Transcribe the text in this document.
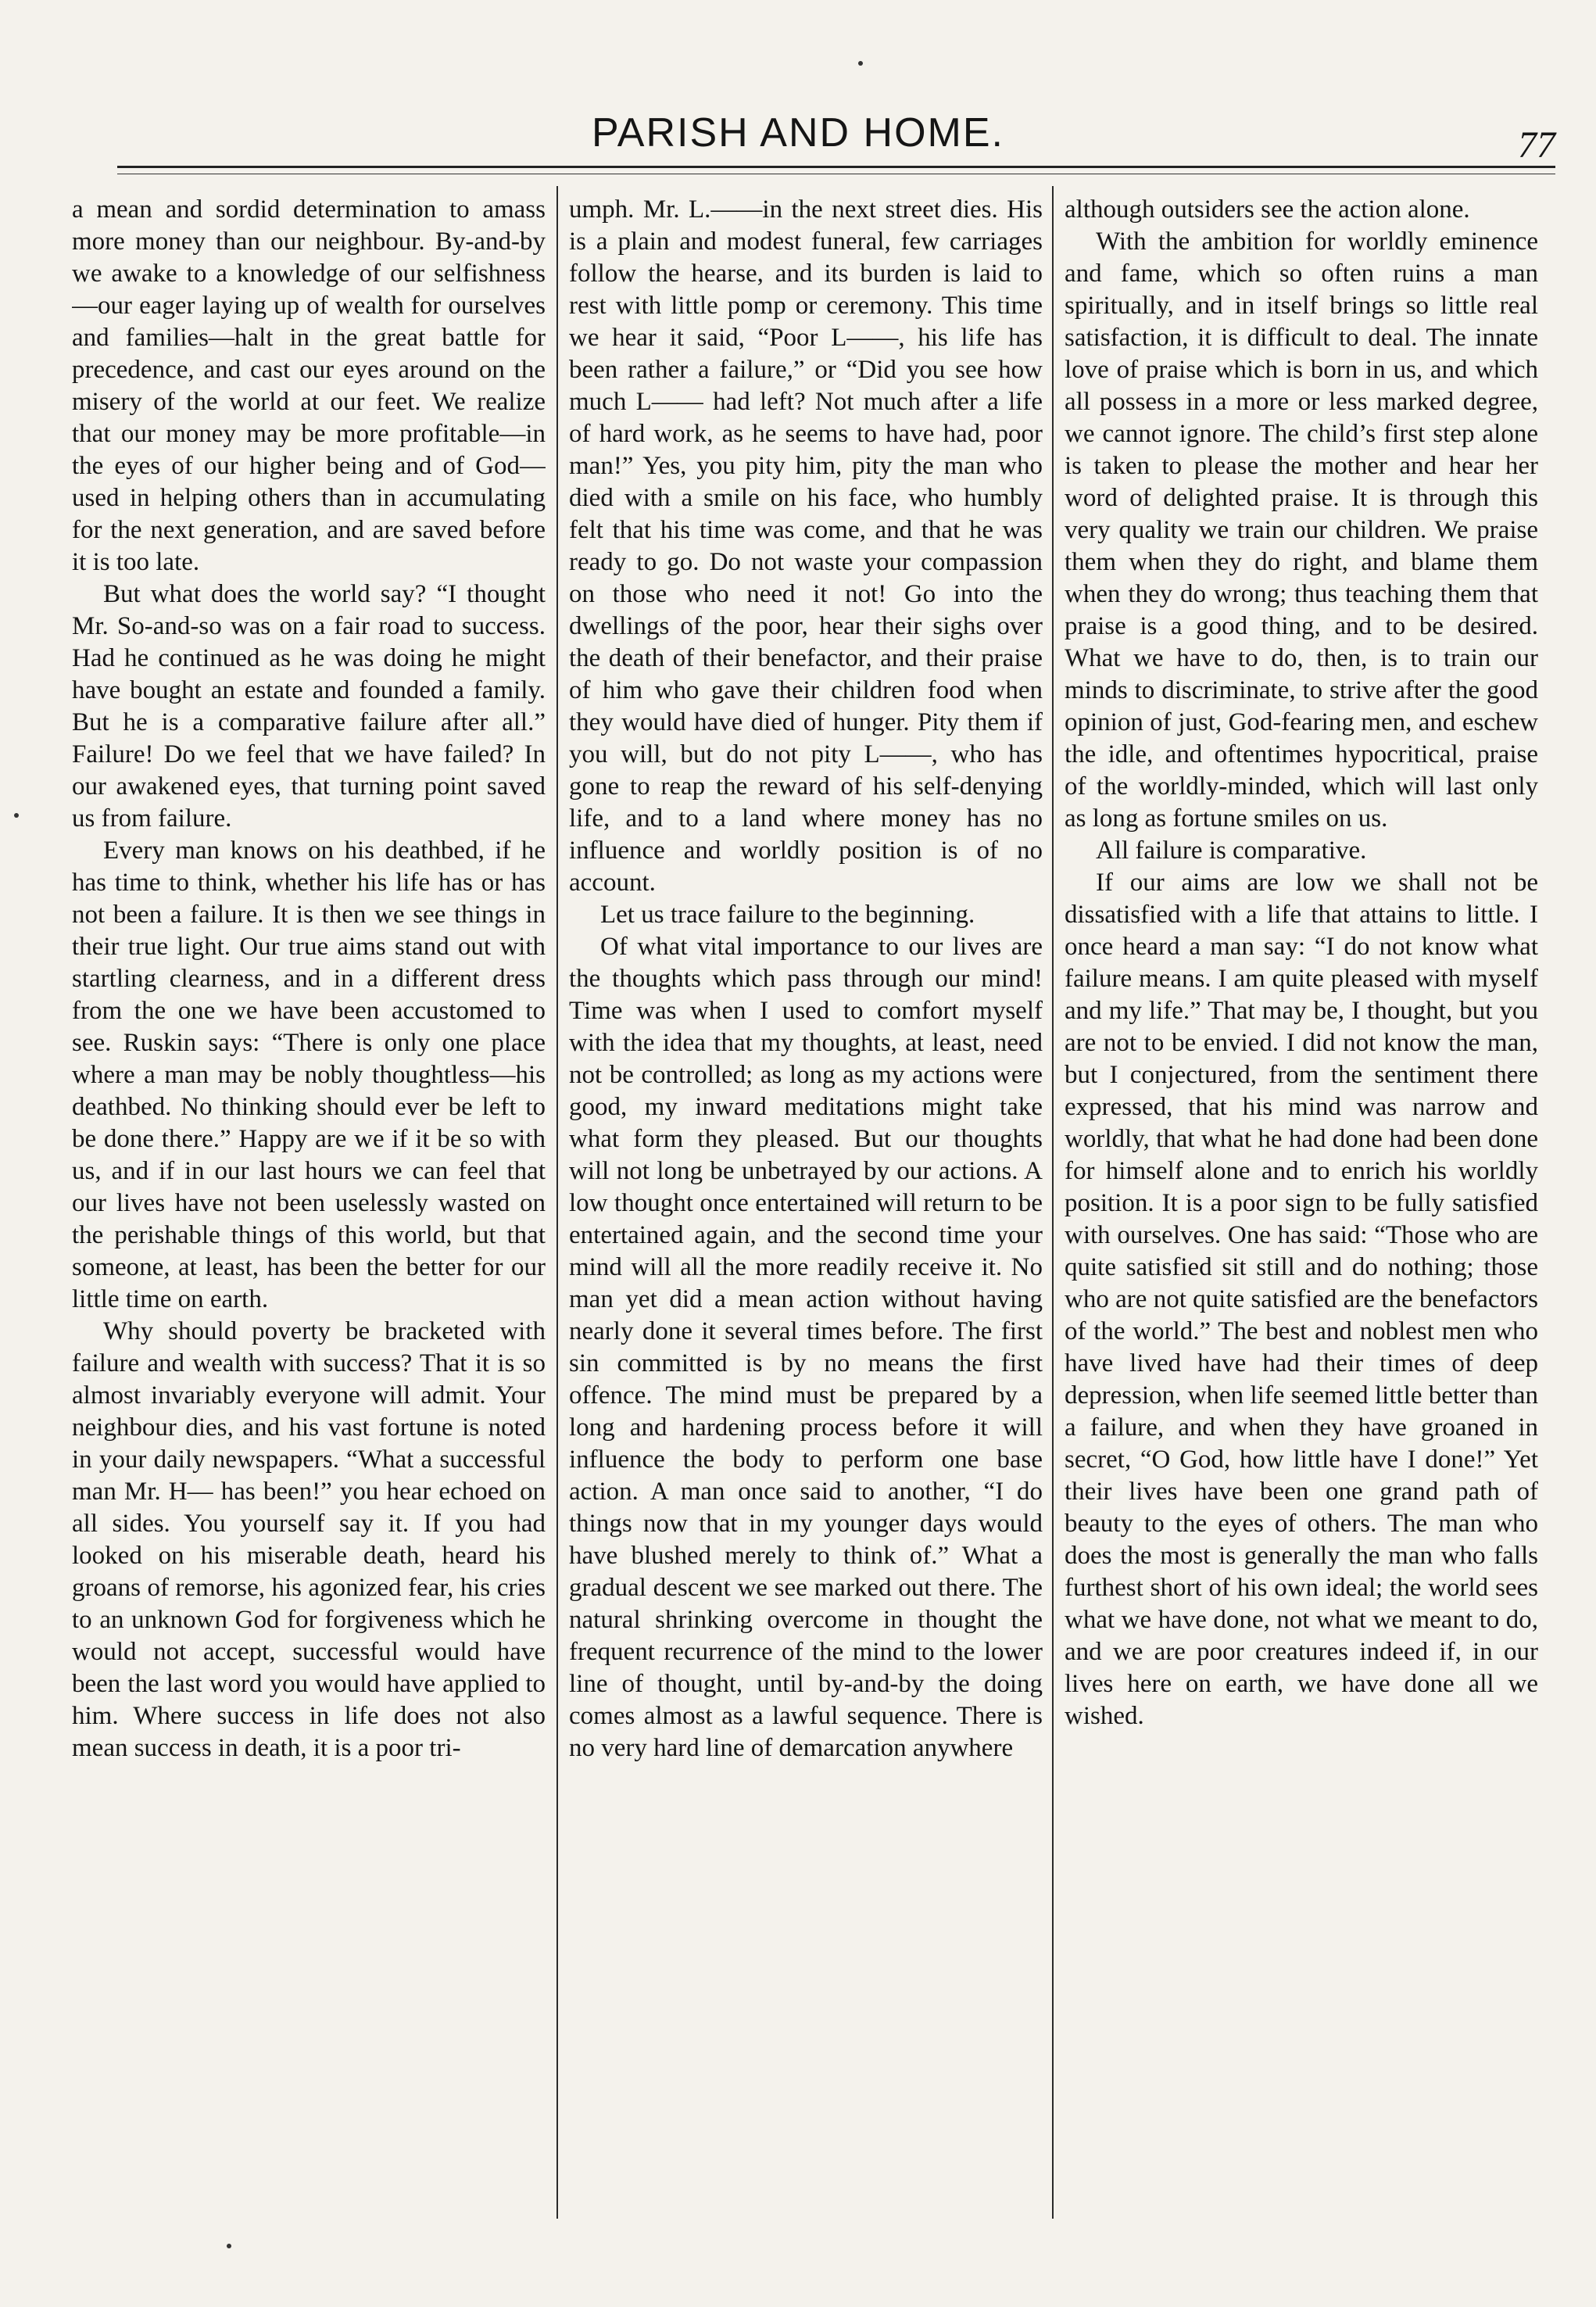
PARISH AND HOME.	77

a mean and sordid determination to amass more money than our neighbour. By-and-by we awake to a knowledge of our selfishness—our eager laying up of wealth for ourselves and families—halt in the great battle for precedence, and cast our eyes around on the misery of the world at our feet. We realize that our money may be more profitable—in the eyes of our higher being and of God—used in helping others than in accumulating for the next generation, and are saved before it is too late.

But what does the world say? “I thought Mr. So-and-so was on a fair road to success. Had he continued as he was doing he might have bought an estate and founded a family. But he is a comparative failure after all.” Failure! Do we feel that we have failed? In our awakened eyes, that turning point saved us from failure.

Every man knows on his deathbed, if he has time to think, whether his life has or has not been a failure. It is then we see things in their true light. Our true aims stand out with startling clearness, and in a different dress from the one we have been accustomed to see. Ruskin says: “There is only one place where a man may be nobly thoughtless—his deathbed. No thinking should ever be left to be done there.” Happy are we if it be so with us, and if in our last hours we can feel that our lives have not been uselessly wasted on the perishable things of this world, but that someone, at least, has been the better for our little time on earth.

Why should poverty be bracketed with failure and wealth with success? That it is so almost invariably everyone will admit. Your neighbour dies, and his vast fortune is noted in your daily newspapers. “What a successful man Mr. H— has been!” you hear echoed on all sides. You yourself say it. If you had looked on his miserable death, heard his groans of remorse, his agonized fear, his cries to an unknown God for forgiveness which he would not accept, successful would have been the last word you would have applied to him. Where success in life does not also mean success in death, it is a poor tri-

umph. Mr. L.——in the next street dies. His is a plain and modest funeral, few carriages follow the hearse, and its burden is laid to rest with little pomp or ceremony. This time we hear it said, “Poor L——, his life has been rather a failure,” or “Did you see how much L—— had left? Not much after a life of hard work, as he seems to have had, poor man!” Yes, you pity him, pity the man who died with a smile on his face, who humbly felt that his time was come, and that he was ready to go. Do not waste your compassion on those who need it not! Go into the dwellings of the poor, hear their sighs over the death of their benefactor, and their praise of him who gave their children food when they would have died of hunger. Pity them if you will, but do not pity L——, who has gone to reap the reward of his self-denying life, and to a land where money has no influence and worldly position is of no account.

Let us trace failure to the beginning.

Of what vital importance to our lives are the thoughts which pass through our mind! Time was when I used to comfort myself with the idea that my thoughts, at least, need not be controlled; as long as my actions were good, my inward meditations might take what form they pleased. But our thoughts will not long be unbetrayed by our actions. A low thought once entertained will return to be entertained again, and the second time your mind will all the more readily receive it. No man yet did a mean action without having nearly done it several times before. The first sin committed is by no means the first offence. The mind must be prepared by a long and hardening process before it will influence the body to perform one base action. A man once said to another, “I do things now that in my younger days would have blushed merely to think of.” What a gradual descent we see marked out there. The natural shrinking overcome in thought the frequent recurrence of the mind to the lower line of thought, until by-and-by the doing comes almost as a lawful sequence. There is no very hard line of demarcation anywhere

although outsiders see the action alone.

With the ambition for worldly eminence and fame, which so often ruins a man spiritually, and in itself brings so little real satisfaction, it is difficult to deal. The innate love of praise which is born in us, and which all possess in a more or less marked degree, we cannot ignore. The child’s first step alone is taken to please the mother and hear her word of delighted praise. It is through this very quality we train our children. We praise them when they do right, and blame them when they do wrong; thus teaching them that praise is a good thing, and to be desired. What we have to do, then, is to train our minds to discriminate, to strive after the good opinion of just, God-fearing men, and eschew the idle, and oftentimes hypocritical, praise of the worldly-minded, which will last only as long as fortune smiles on us.

All failure is comparative.

If our aims are low we shall not be dissatisfied with a life that attains to little. I once heard a man say: “I do not know what failure means. I am quite pleased with myself and my life.” That may be, I thought, but you are not to be envied. I did not know the man, but I conjectured, from the sentiment there expressed, that his mind was narrow and worldly, that what he had done had been done for himself alone and to enrich his worldly position. It is a poor sign to be fully satisfied with ourselves. One has said: “Those who are quite satisfied sit still and do nothing; those who are not quite satisfied are the benefactors of the world.” The best and noblest men who have lived have had their times of deep depression, when life seemed little better than a failure, and when they have groaned in secret, “O God, how little have I done!” Yet their lives have been one grand path of beauty to the eyes of others. The man who does the most is generally the man who falls furthest short of his own ideal; the world sees what we have done, not what we meant to do, and we are poor creatures indeed if, in our lives here on earth, we have done all we wished.
